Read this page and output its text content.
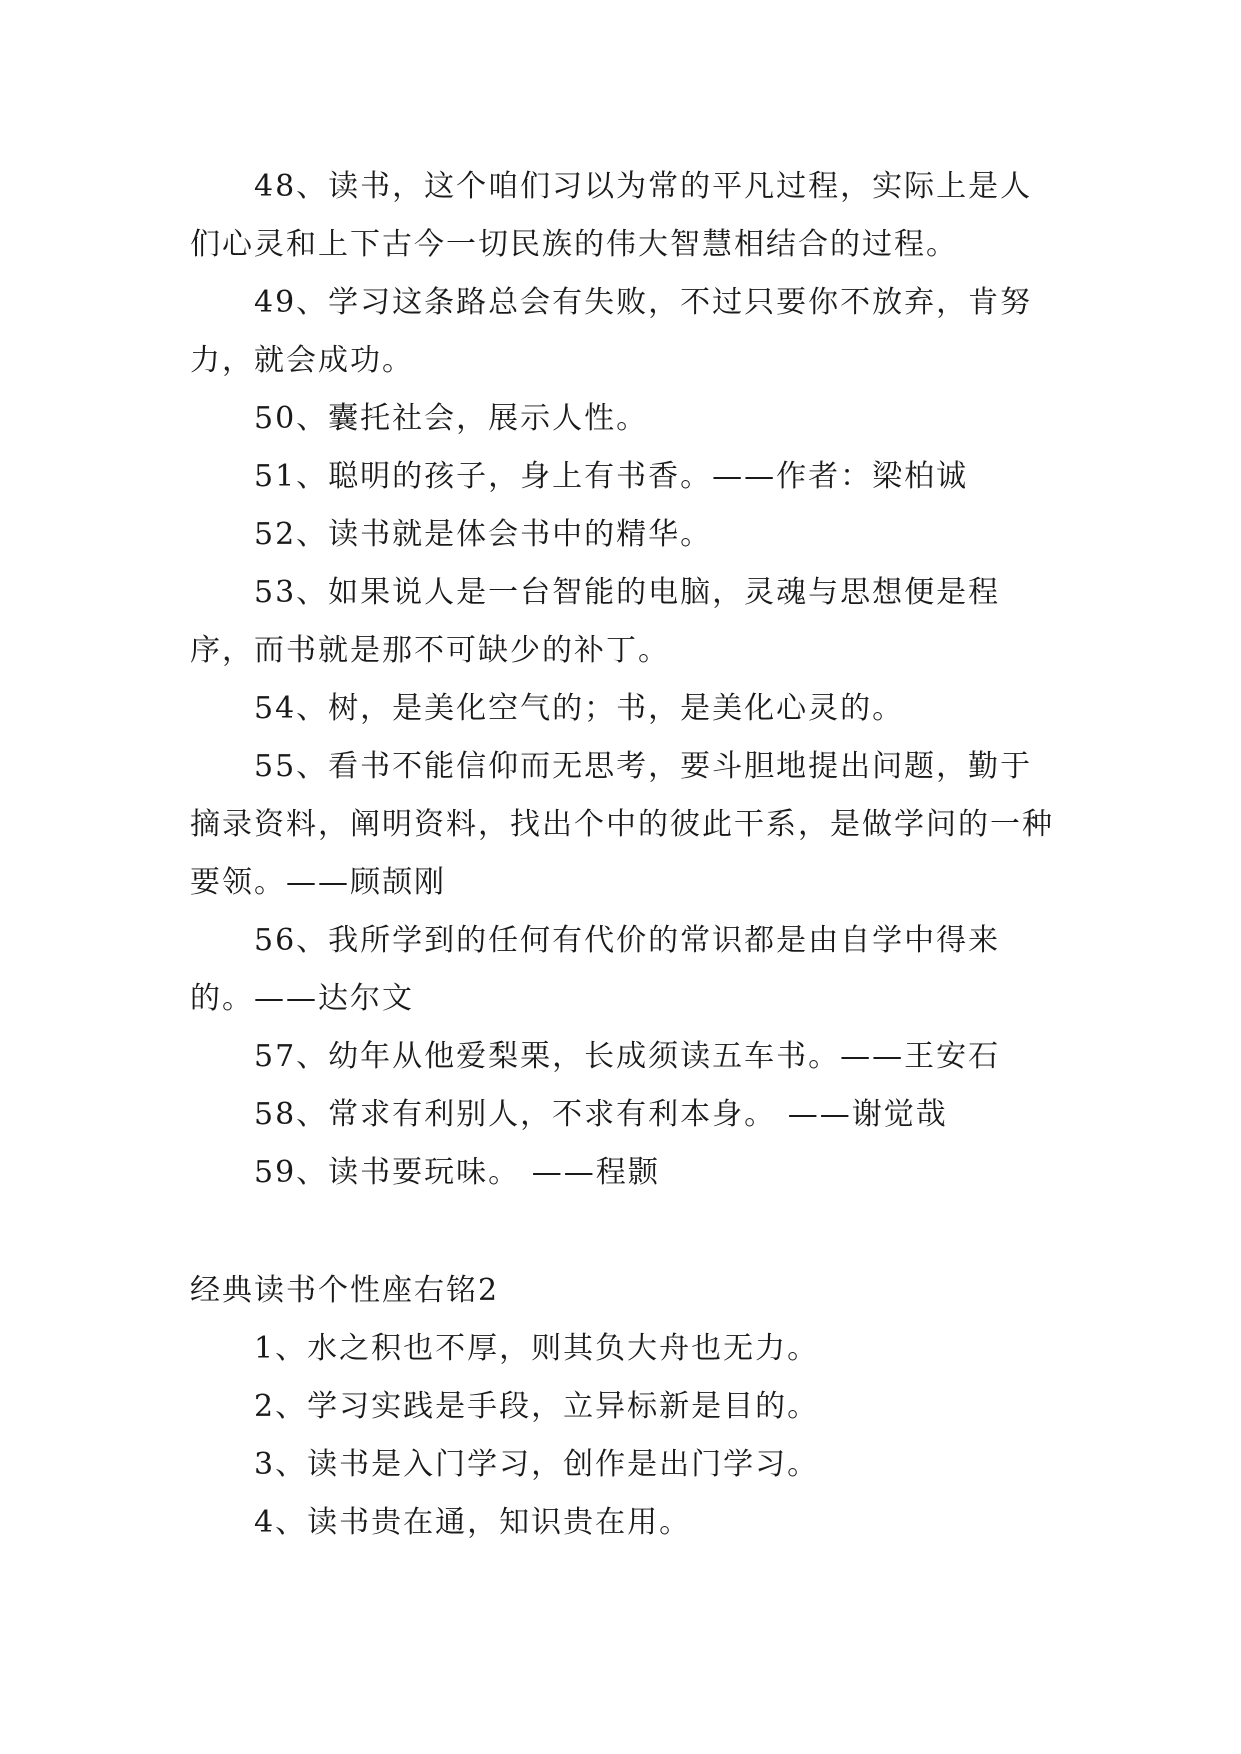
48、读书，这个咱们习以为常的平凡过程，实际上是人们心灵和上下古今一切民族的伟大智慧相结合的过程。

49、学习这条路总会有失败，不过只要你不放弃，肯努力，就会成功。

50、囊托社会，展示人性。

51、聪明的孩子，身上有书香。——作者：梁柏诚

52、读书就是体会书中的精华。

53、如果说人是一台智能的电脑，灵魂与思想便是程序，而书就是那不可缺少的补丁。

54、树，是美化空气的；书，是美化心灵的。

55、看书不能信仰而无思考，要斗胆地提出问题，勤于摘录资料，阐明资料，找出个中的彼此干系，是做学问的一种要领。——顾颉刚

56、我所学到的任何有代价的常识都是由自学中得来的。——达尔文

57、幼年从他爱梨栗，长成须读五车书。——王安石

58、常求有利别人，不求有利本身。 ——谢觉哉

59、读书要玩味。 ——程颢

经典读书个性座右铭2

1、水之积也不厚，则其负大舟也无力。

2、学习实践是手段，立异标新是目的。

3、读书是入门学习，创作是出门学习。

4、读书贵在通，知识贵在用。
